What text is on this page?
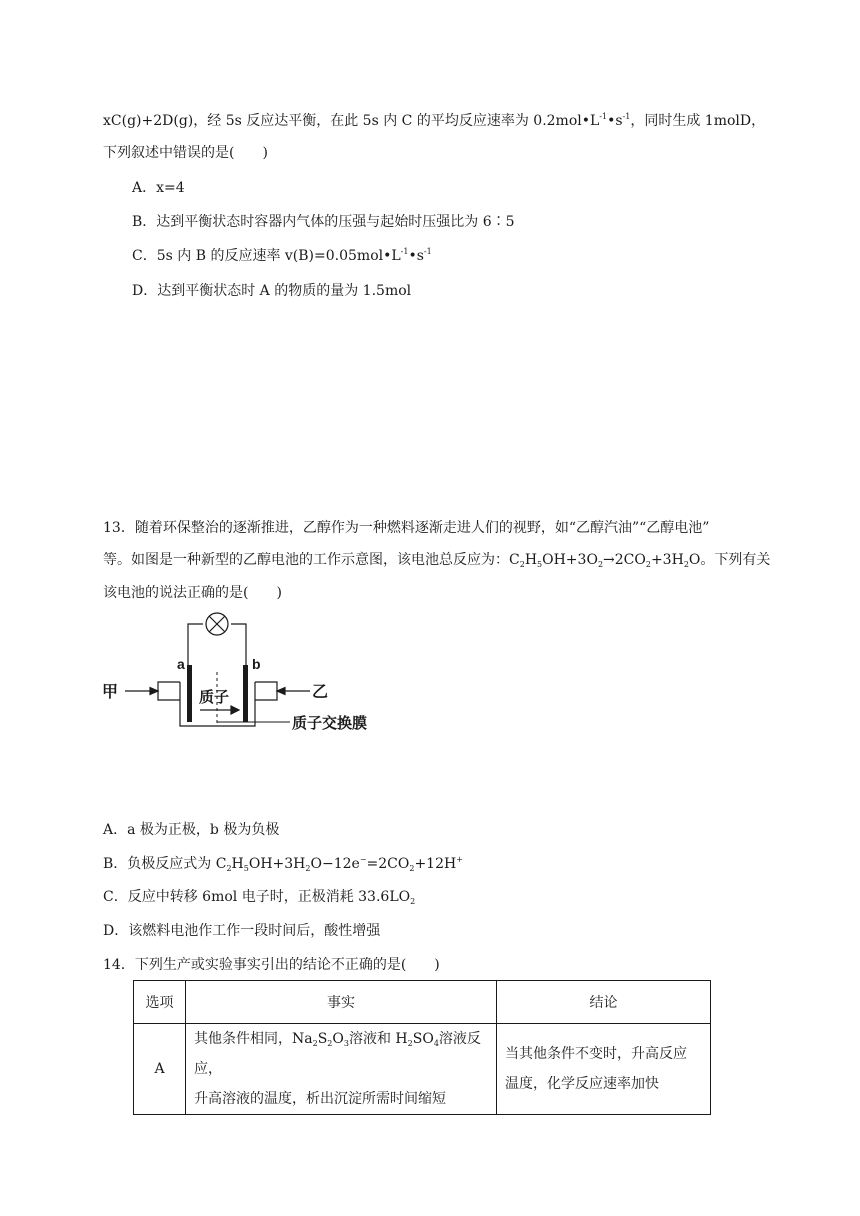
xC(g)+2D(g)，经 5s 反应达平衡，在此 5s 内 C 的平均反应速率为 $0.2mol•L^{-1}•s^{-1}$，同时生成 1molD，
下列叙述中错误的是(　　)
A．x=4
B．达到平衡状态时容器内气体的压强与起始时压强比为 6∶5
C．5s 内 B 的反应速率 $v(B)=0.05mol•L^{-1}•s^{-1}$
D．达到平衡状态时 A 的物质的量为 1.5mol
13．随着环保整治的逐渐推进，乙醇作为一种燃料逐渐走进人们的视野，如“乙醇汽油”“乙醇电池”
等。如图是一种新型的乙醇电池的工作示意图，该电池总反应为：$C_2H_5OH+3O_2\to 2CO_2+3H_2O$。下列有关
该电池的说法正确的是(　　)
a	b
甲	乙
质子
质子交换膜
A．a 极为正极，b 极为负极
B．负极反应式为 $C_2H_5OH+3H_2O-12e^-=2CO_2+12H^+$
C．反应中转移 6mol 电子时，正极消耗 $33.6LO_2$
D．该燃料电池作工作一段时间后，酸性增强
14．下列生产或实验事实引出的结论不正确的是(　　)
选项	事实	结论
A	其他条件相同，$Na_2S_2O_3$溶液和 $H_2SO_4$溶液反应，
升高溶液的温度，析出沉淀所需时间缩短	当其他条件不变时，升高反应
温度，化学反应速率加快
